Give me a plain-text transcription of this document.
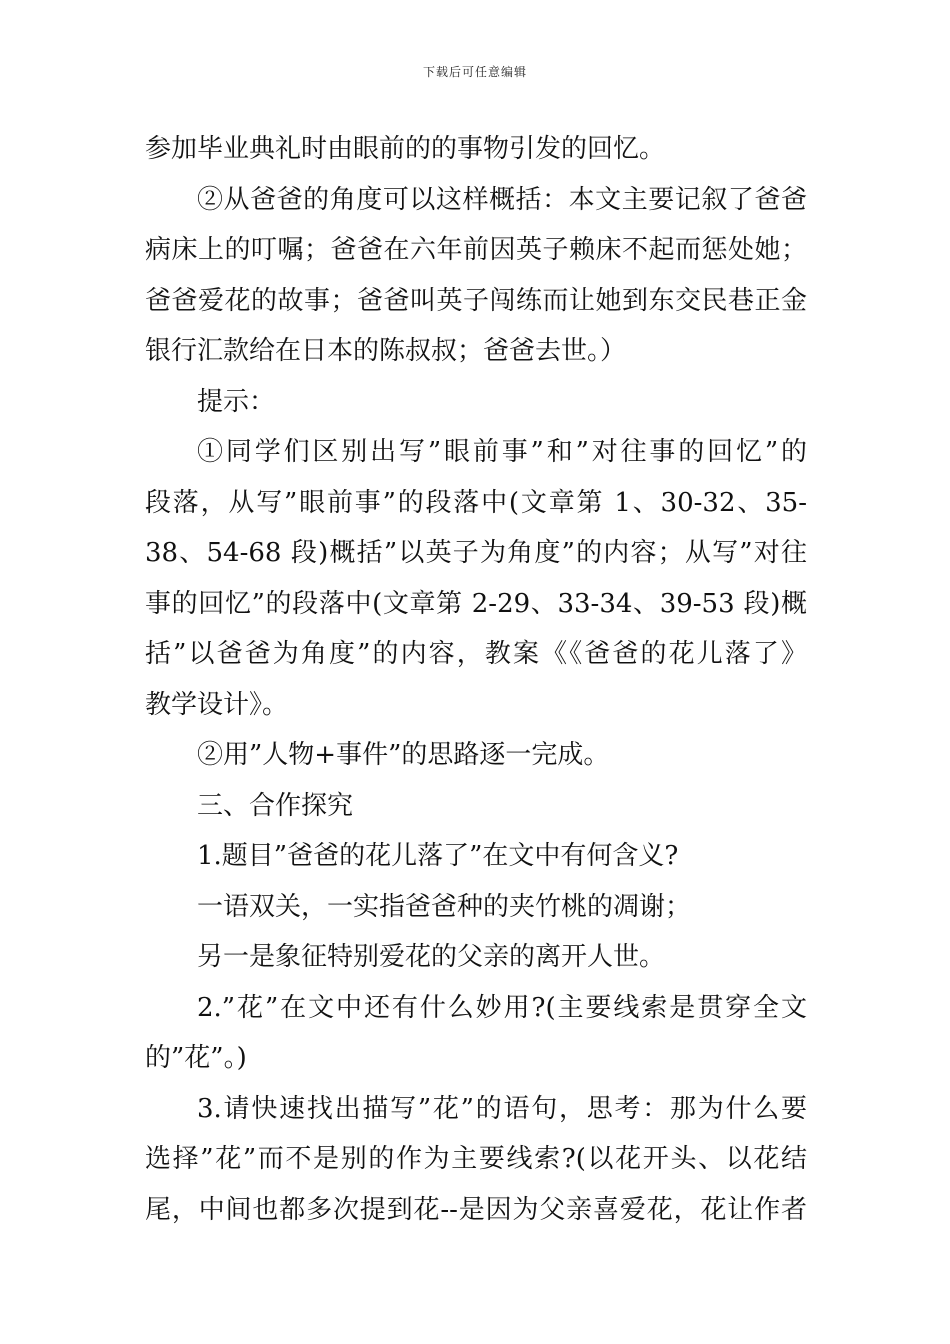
下载后可任意编辑
参加毕业典礼时由眼前的的事物引发的回忆。
②从爸爸的角度可以这样概括：本文主要记叙了爸爸
病床上的叮嘱；爸爸在六年前因英子赖床不起而惩处她；
爸爸爱花的故事；爸爸叫英子闯练而让她到东交民巷正金
银行汇款给在日本的陈叔叔；爸爸去世。）
提示：
①同学们区别出写”眼前事”和”对往事的回忆”的
段落，从写”眼前事”的段落中(文章第 1、30-32、35-
38、54-68 段)概括”以英子为角度”的内容；从写”对往
事的回忆”的段落中(文章第 2-29、33-34、39-53 段)概
括”以爸爸为角度”的内容，教案《《爸爸的花儿落了》
教学设计》。
②用”人物+事件”的思路逐一完成。
三、合作探究
1.题目”爸爸的花儿落了”在文中有何含义?
一语双关，一实指爸爸种的夹竹桃的凋谢；
另一是象征特别爱花的父亲的离开人世。
2.”花”在文中还有什么妙用?(主要线索是贯穿全文
的”花”。)
3.请快速找出描写”花”的语句，思考：那为什么要
选择”花”而不是别的作为主要线索?(以花开头、以花结
尾，中间也都多次提到花--是因为父亲喜爱花，花让作者
